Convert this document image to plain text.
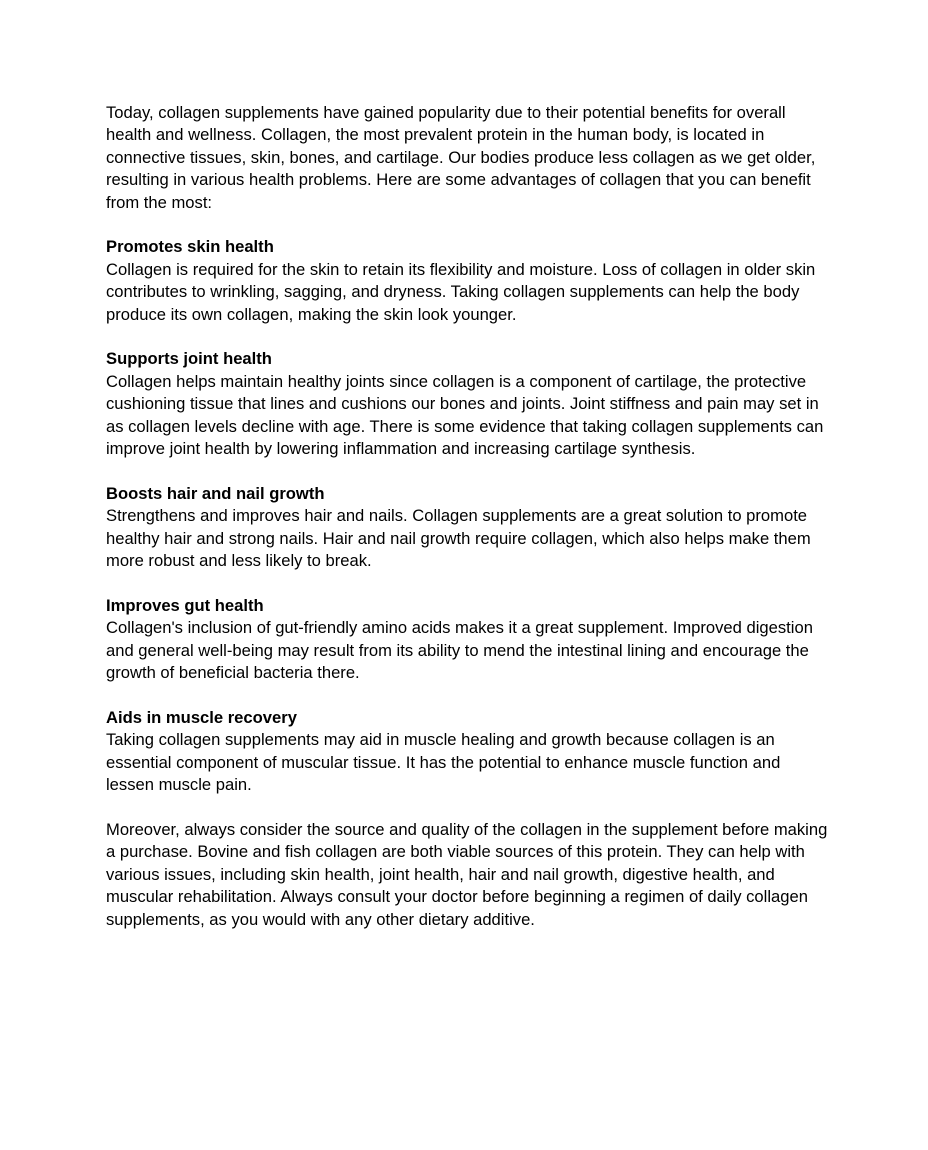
Today, collagen supplements have gained popularity due to their potential benefits for overall health and wellness. Collagen, the most prevalent protein in the human body, is located in connective tissues, skin, bones, and cartilage. Our bodies produce less collagen as we get older, resulting in various health problems. Here are some advantages of collagen that you can benefit from the most:

Promotes skin health
Collagen is required for the skin to retain its flexibility and moisture. Loss of collagen in older skin contributes to wrinkling, sagging, and dryness. Taking collagen supplements can help the body produce its own collagen, making the skin look younger.
Supports joint health
Collagen helps maintain healthy joints since collagen is a component of cartilage, the protective cushioning tissue that lines and cushions our bones and joints. Joint stiffness and pain may set in as collagen levels decline with age. There is some evidence that taking collagen supplements can improve joint health by lowering inflammation and increasing cartilage synthesis.
Boosts hair and nail growth
Strengthens and improves hair and nails. Collagen supplements are a great solution to promote healthy hair and strong nails. Hair and nail growth require collagen, which also helps make them more robust and less likely to break.
Improves gut health
Collagen's inclusion of gut-friendly amino acids makes it a great supplement. Improved digestion and general well-being may result from its ability to mend the intestinal lining and encourage the growth of beneficial bacteria there.
Aids in muscle recovery
Taking collagen supplements may aid in muscle healing and growth because collagen is an essential component of muscular tissue. It has the potential to enhance muscle function and lessen muscle pain.

Moreover, always consider the source and quality of the collagen in the supplement before making a purchase. Bovine and fish collagen are both viable sources of this protein. They can help with various issues, including skin health, joint health, hair and nail growth, digestive health, and muscular rehabilitation. Always consult your doctor before beginning a regimen of daily collagen supplements, as you would with any other dietary additive.
